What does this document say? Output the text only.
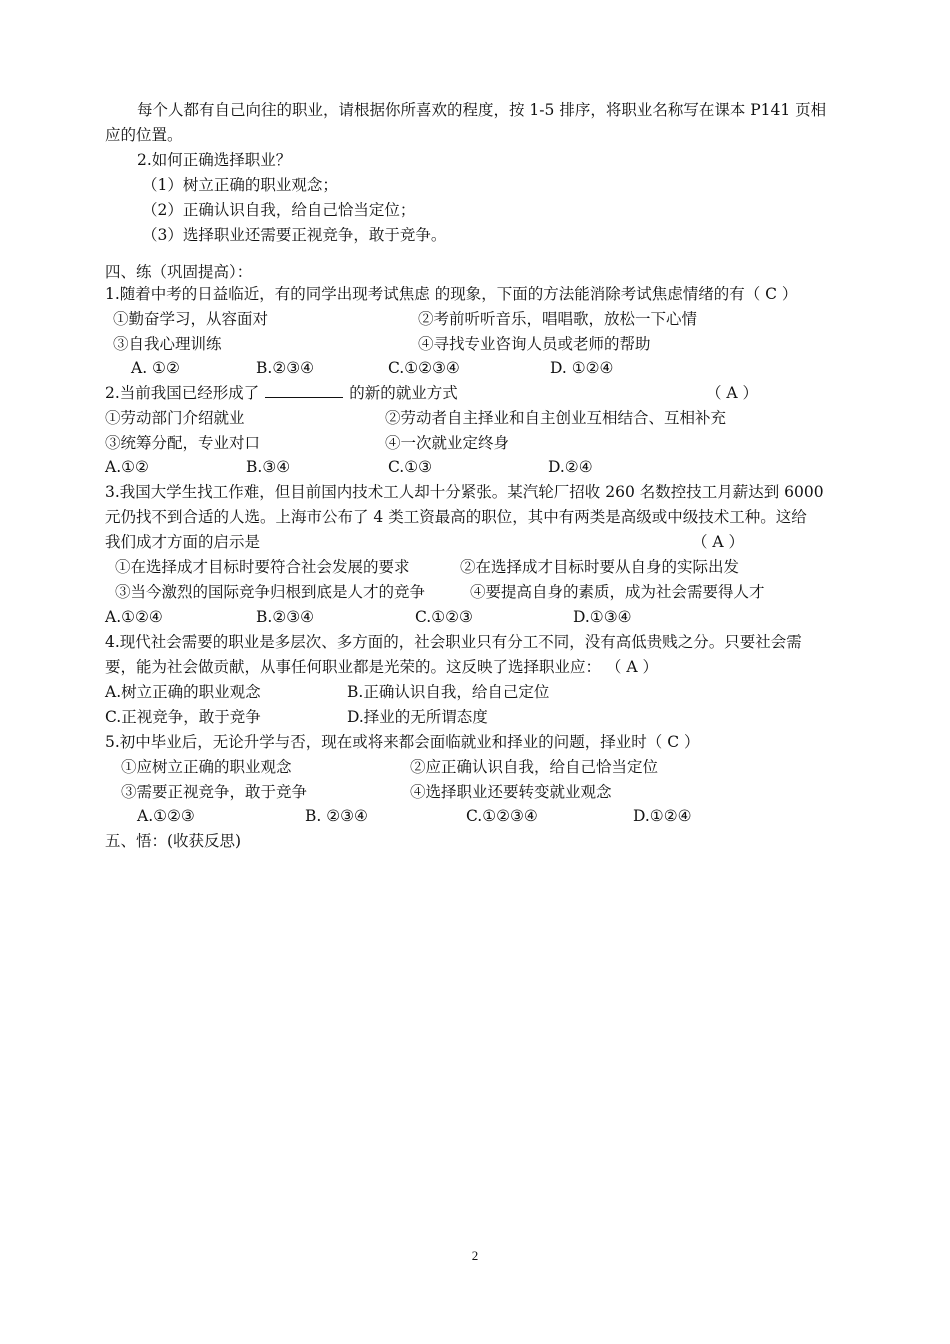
每个人都有自己向往的职业，请根据你所喜欢的程度，按 1-5 排序，将职业名称写在课本 P141 页相
应的位置。
2.如何正确选择职业？
（1）树立正确的职业观念；
（2）正确认识自我，给自己恰当定位；
（3）选择职业还需要正视竞争，敢于竞争。
四、练（巩固提高）：
1.随着中考的日益临近，有的同学出现考试焦虑 的现象，下面的方法能消除考试焦虑情绪的有（ C ）
①勤奋学习，从容面对	②考前听听音乐，唱唱歌，放松一下心情
③自我心理训练	④寻找专业咨询人员或老师的帮助
A. ①②	B.②③④	C.①②③④	D. ①②④
2.当前我国已经形成了	的新的就业方式	（ A ）
①劳动部门介绍就业	②劳动者自主择业和自主创业互相结合、互相补充
③统筹分配，专业对口	④一次就业定终身
A.①②	B.③④	C.①③	D.②④
3.我国大学生找工作难，但目前国内技术工人却十分紧张。某汽轮厂招收 260 名数控技工月薪达到 6000
元仍找不到合适的人选。上海市公布了 4 类工资最高的职位，其中有两类是高级或中级技术工种。这给
我们成才方面的启示是	（ A ）
①在选择成才目标时要符合社会发展的要求	②在选择成才目标时要从自身的实际出发
③当今激烈的国际竞争归根到底是人才的竞争	④要提高自身的素质，成为社会需要得人才
A.①②④	B.②③④	C.①②③	D.①③④
4.现代社会需要的职业是多层次、多方面的，社会职业只有分工不同，没有高低贵贱之分。只要社会需
要，能为社会做贡献，从事任何职业都是光荣的。这反映了选择职业应： （ A ）
A.树立正确的职业观念	B.正确认识自我，给自己定位
C.正视竞争，敢于竞争	D.择业的无所谓态度
5.初中毕业后，无论升学与否，现在或将来都会面临就业和择业的问题，择业时（ C ）
①应树立正确的职业观念	②应正确认识自我，给自己恰当定位
③需要正视竞争，敢于竞争	④选择职业还要转变就业观念
A.①②③	B. ②③④	C.①②③④	D.①②④
五、悟：(收获反思)
2
